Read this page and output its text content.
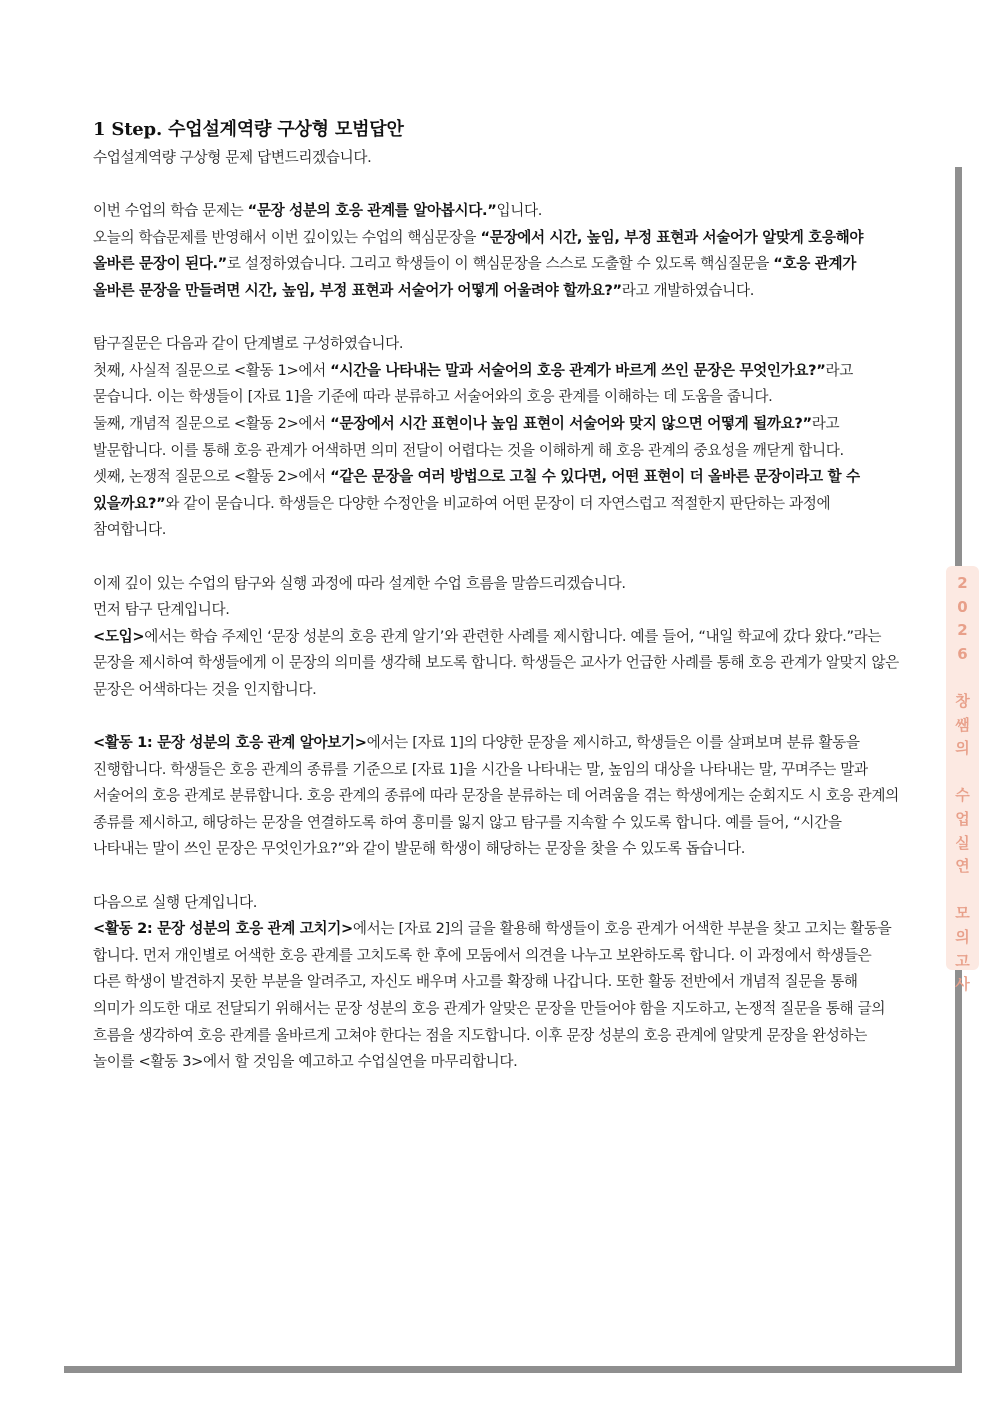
2
0
2
6

창
쌤
의

수
업
실
연

모
의
고
사
1 Step. 수업설계역량 구상형 모범답안

수업설계역량 구상형 문제 답변드리겠습니다.

이번 수업의 학습 문제는 “문장 성분의 호응 관계를 알아봅시다.”입니다.
오늘의 학습문제를 반영해서 이번 깊이있는 수업의 핵심문장을 “문장에서 시간, 높임, 부정 표현과 서술어가 알맞게 호응해야 올바른 문장이 된다.”로 설정하였습니다. 그리고 학생들이 이 핵심문장을 스스로 도출할 수 있도록 핵심질문을 “호응 관계가 올바른 문장을 만들려면 시간, 높임, 부정 표현과 서술어가 어떻게 어울려야 할까요?”라고 개발하였습니다.

탐구질문은 다음과 같이 단계별로 구성하였습니다.
첫째, 사실적 질문으로 <활동 1>에서 “시간을 나타내는 말과 서술어의 호응 관계가 바르게 쓰인 문장은 무엇인가요?”라고 묻습니다. 이는 학생들이 [자료 1]을 기준에 따라 분류하고 서술어와의 호응 관계를 이해하는 데 도움을 줍니다.
둘째, 개념적 질문으로 <활동 2>에서 “문장에서 시간 표현이나 높임 표현이 서술어와 맞지 않으면 어떻게 될까요?”라고 발문합니다. 이를 통해 호응 관계가 어색하면 의미 전달이 어렵다는 것을 이해하게 해 호응 관계의 중요성을 깨닫게 합니다.
셋째, 논쟁적 질문으로 <활동 2>에서 “같은 문장을 여러 방법으로 고칠 수 있다면, 어떤 표현이 더 올바른 문장이라고 할 수 있을까요?”와 같이 묻습니다. 학생들은 다양한 수정안을 비교하여 어떤 문장이 더 자연스럽고 적절한지 판단하는 과정에 참여합니다.

이제 깊이 있는 수업의 탐구와 실행 과정에 따라 설계한 수업 흐름을 말씀드리겠습니다.
먼저 탐구 단계입니다.
<도입>에서는 학습 주제인 ‘문장 성분의 호응 관계 알기’와 관련한 사례를 제시합니다. 예를 들어, “내일 학교에 갔다 왔다.”라는 문장을 제시하여 학생들에게 이 문장의 의미를 생각해 보도록 합니다. 학생들은 교사가 언급한 사례를 통해 호응 관계가 알맞지 않은 문장은 어색하다는 것을 인지합니다.

<활동 1: 문장 성분의 호응 관계 알아보기>에서는 [자료 1]의 다양한 문장을 제시하고, 학생들은 이를 살펴보며 분류 활동을 진행합니다. 학생들은 호응 관계의 종류를 기준으로 [자료 1]을 시간을 나타내는 말, 높임의 대상을 나타내는 말, 꾸며주는 말과 서술어의 호응 관계로 분류합니다. 호응 관계의 종류에 따라 문장을 분류하는 데 어려움을 겪는 학생에게는 순회지도 시 호응 관계의 종류를 제시하고, 해당하는 문장을 연결하도록 하여 흥미를 잃지 않고 탐구를 지속할 수 있도록 합니다. 예를 들어, “시간을 나타내는 말이 쓰인 문장은 무엇인가요?”와 같이 발문해 학생이 해당하는 문장을 찾을 수 있도록 돕습니다.

다음으로 실행 단계입니다.
<활동 2: 문장 성분의 호응 관계 고치기>에서는 [자료 2]의 글을 활용해 학생들이 호응 관계가 어색한 부분을 찾고 고치는 활동을 합니다. 먼저 개인별로 어색한 호응 관계를 고치도록 한 후에 모둠에서 의견을 나누고 보완하도록 합니다. 이 과정에서 학생들은 다른 학생이 발견하지 못한 부분을 알려주고, 자신도 배우며 사고를 확장해 나갑니다. 또한 활동 전반에서 개념적 질문을 통해 의미가 의도한 대로 전달되기 위해서는 문장 성분의 호응 관계가 알맞은 문장을 만들어야 함을 지도하고, 논쟁적 질문을 통해 글의 흐름을 생각하여 호응 관계를 올바르게 고쳐야 한다는 점을 지도합니다. 이후 문장 성분의 호응 관계에 알맞게 문장을 완성하는 놀이를 <활동 3>에서 할 것임을 예고하고 수업실연을 마무리합니다.
